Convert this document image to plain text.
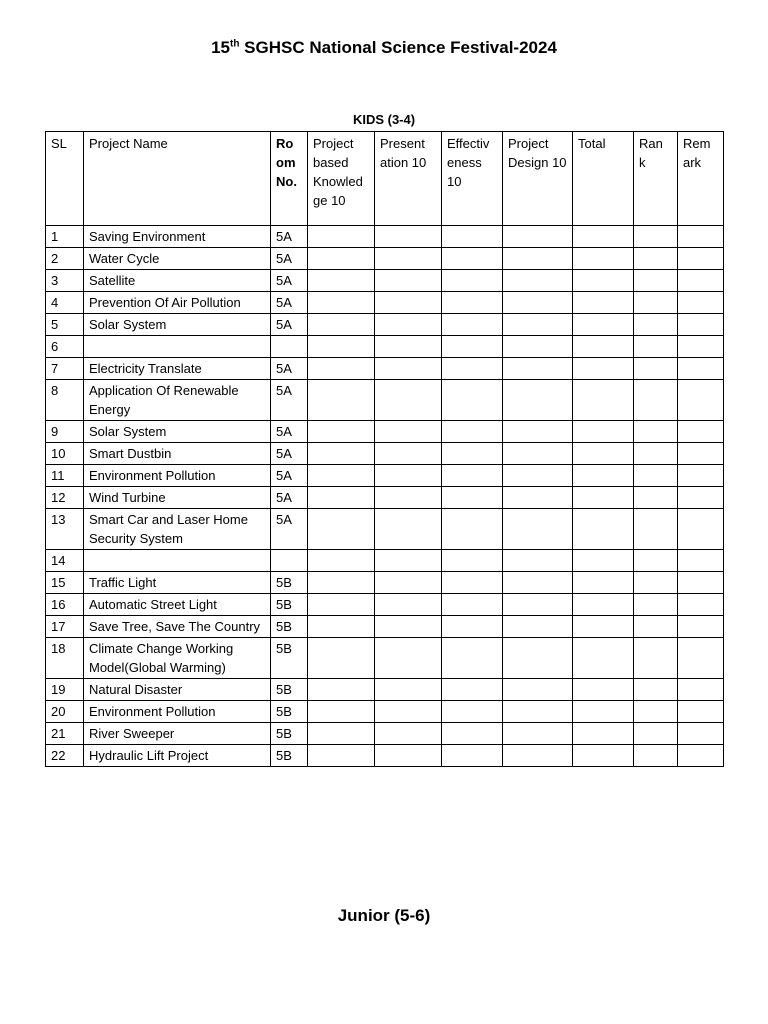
15th SGHSC National Science Festival-2024
KIDS (3-4)
SL	Project Name	Ro om No.	Project based Knowled ge 10	Present ation 10	Effectiv eness 10	Project Design 10	Total	Ran k	Rem ark
1	Saving Environment	5A							
2	Water Cycle	5A							
3	Satellite	5A							
4	Prevention Of Air Pollution	5A							
5	Solar System	5A							
6									
7	Electricity Translate	5A							
8	Application Of Renewable Energy	5A							
9	Solar System	5A							
10	Smart Dustbin	5A							
11	Environment Pollution	5A							
12	Wind Turbine	5A							
13	Smart Car and Laser Home Security System	5A							
14									
15	Traffic Light	5B							
16	Automatic Street Light	5B							
17	Save Tree, Save The Country	5B							
18	Climate Change Working Model(Global Warming)	5B							
19	Natural Disaster	5B							
20	Environment Pollution	5B							
21	River Sweeper	5B							
22	Hydraulic Lift Project	5B							
Junior (5-6)
